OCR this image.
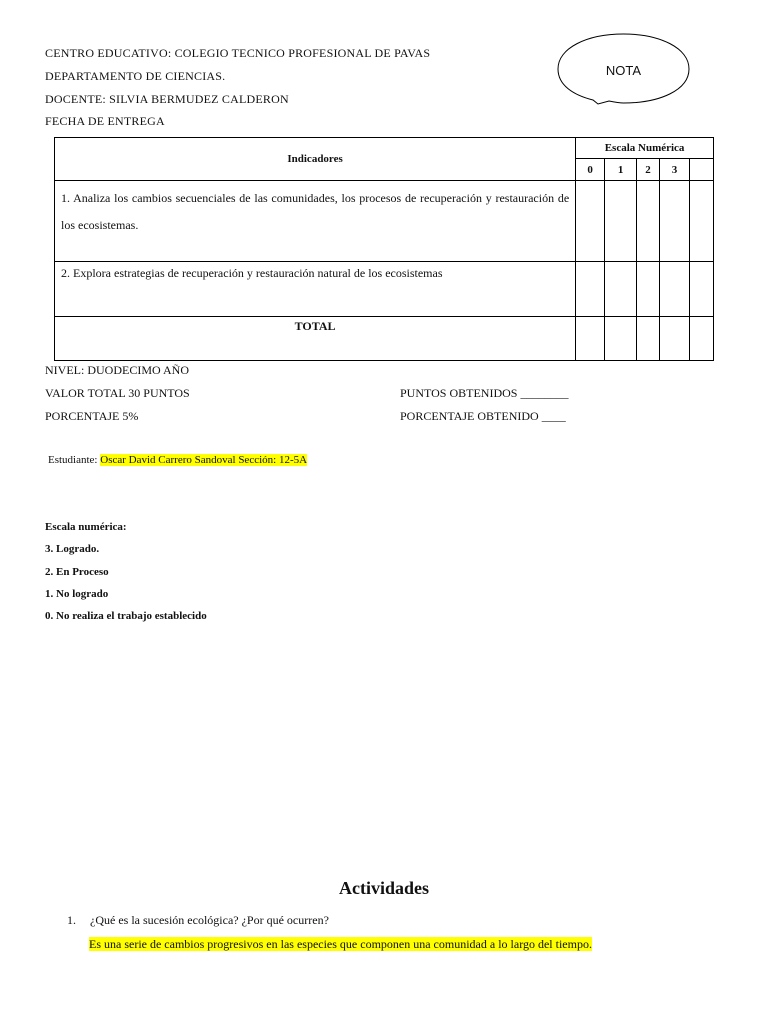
CENTRO EDUCATIVO: COLEGIO TECNICO PROFESIONAL DE PAVAS
DEPARTAMENTO DE CIENCIAS.
DOCENTE: SILVIA BERMUDEZ CALDERON
FECHA DE ENTREGA
NOTA
Indicadores	Escala Numérica				
	0	1	2	3	
1. Analiza los cambios secuenciales de las comunidades, los procesos de recuperación y restauración de los ecosistemas.					
2. Explora estrategias de recuperación y restauración natural de los ecosistemas					
TOTAL					
NIVEL: DUODECIMO AÑO
VALOR TOTAL 30 PUNTOS
PORCENTAJE 5%
PUNTOS OBTENIDOS ________
PORCENTAJE OBTENIDO ____
Estudiante: Oscar David Carrero Sandoval Sección: 12-5A
Escala numérica:
3. Logrado.
2. En Proceso
1. No logrado
0. No realiza el trabajo establecido
Actividades
1. ¿Qué es la sucesión ecológica? ¿Por qué ocurren?
Es una serie de cambios progresivos en las especies que componen una comunidad a lo largo del tiempo.
